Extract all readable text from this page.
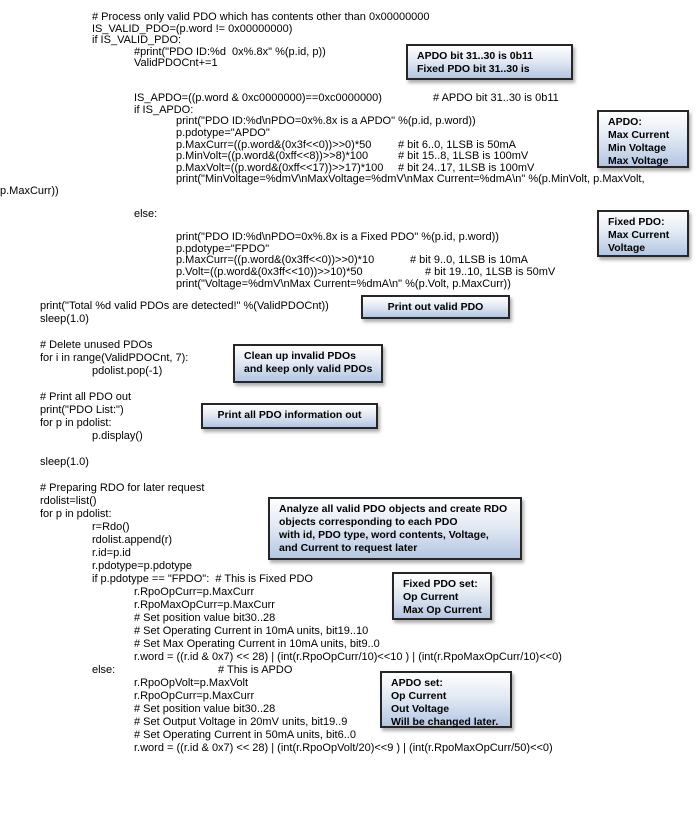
# Process only valid PDO which has contents other than 0x00000000
IS_VALID_PDO=(p.word != 0x00000000)
if IS_VALID_PDO:
#print("PDO ID:%d  0x%.8x" %(p.id, p))
ValidPDOCnt+=1
IS_APDO=((p.word & 0xc0000000)==0xc0000000)	# APDO bit 31..30 is 0b11
if IS_APDO:
print("PDO ID:%d\nPDO=0x%.8x is a APDO" %(p.id, p.word))
p.pdotype="APDO"
p.MaxCurr=((p.word&(0x3f<<0))>>0)*50 # bit 6..0, 1LSB is 50mA
p.MinVolt=((p.word&(0xff<<8))>>8)*100	# bit 15..8, 1LSB is 100mV
p.MaxVolt=((p.word&(0xff<<17))>>17)*100 # bit 24..17, 1LSB is 100mV
print("MinVoltage=%dmV\nMaxVoltage=%dmV\nMax Current=%dmA\n" %(p.MinVolt, p.MaxVolt,
p.MaxCurr))
else:
print("PDO ID:%d\nPDO=0x%.8x is a Fixed PDO" %(p.id, p.word))
p.pdotype="FPDO"
p.MaxCurr=((p.word&(0x3ff<<0))>>0)*10	# bit 9..0, 1LSB is 10mA
p.Volt=((p.word&(0x3ff<<10))>>10)*50	# bit 19..10, 1LSB is 50mV
print("Voltage=%dmV\nMax Current=%dmA\n" %(p.Volt, p.MaxCurr))
print("Total %d valid PDOs are detected!" %(ValidPDOCnt))
sleep(1.0)
# Delete unused PDOs
for i in range(ValidPDOCnt, 7):
pdolist.pop(-1)
# Print all PDO out
print("PDO List:")
for p in pdolist:
p.display()
sleep(1.0)
# Preparing RDO for later request
rdolist=list()
for p in pdolist:
r=Rdo()
rdolist.append(r)
r.id=p.id
r.pdotype=p.pdotype
if p.pdotype == "FPDO":  # This is Fixed PDO
r.RpoOpCurr=p.MaxCurr
r.RpoMaxOpCurr=p.MaxCurr
# Set position value bit30..28
# Set Operating Current in 10mA units, bit19..10
# Set Max Operating Current in 10mA units, bit9..0
r.word = ((r.id & 0x7) << 28) | (int(r.RpoOpCurr/10)<<10 ) | (int(r.RpoMaxOpCurr/10)<<0)
else:	# This is APDO
r.RpoOpVolt=p.MaxVolt
r.RpoOpCurr=p.MaxCurr
# Set position value bit30..28
# Set Output Voltage in 20mV units, bit19..9
# Set Operating Current in 50mA units, bit6..0
r.word = ((r.id & 0x7) << 28) | (int(r.RpoOpVolt/20)<<9 ) | (int(r.RpoMaxOpCurr/50)<<0)
APDO bit 31..30 is 0b11
Fixed PDO bit 31..30 is
APDO:
Max Current
Min Voltage
Max Voltage
Fixed PDO:
Max Current
Voltage
Print out valid PDO
Clean up invalid PDOs
and keep only valid PDOs
Print all PDO information out
Analyze all valid PDO objects and create RDO
objects corresponding to each PDO
with id, PDO type, word contents, Voltage,
and Current to request later
Fixed PDO set:
Op Current
Max Op Current
APDO set:
Op Current
Out Voltage
Will be changed later.
